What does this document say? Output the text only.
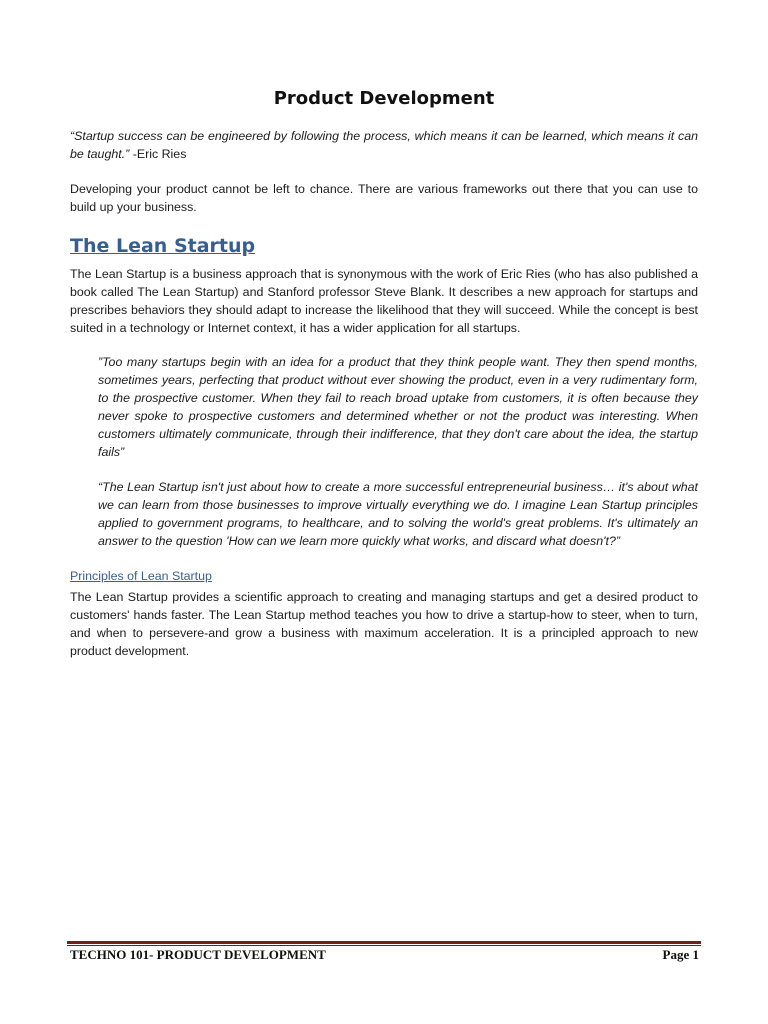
Product Development

“Startup success can be engineered by following the process, which means it can be learned, which means it can be taught.” -Eric Ries

Developing your product cannot be left to chance. There are various frameworks out there that you can use to build up your business.

The Lean Startup

The Lean Startup is a business approach that is synonymous with the work of Eric Ries (who has also published a book called The Lean Startup) and Stanford professor Steve Blank. It describes a new approach for startups and prescribes behaviors they should adapt to increase the likelihood that they will succeed. While the concept is best suited in a technology or Internet context, it has a wider application for all startups.

”Too many startups begin with an idea for a product that they think people want. They then spend months, sometimes years, perfecting that product without ever showing the product, even in a very rudimentary form, to the prospective customer. When they fail to reach broad uptake from customers, it is often because they never spoke to prospective customers and determined whether or not the product was interesting. When customers ultimately communicate, through their indifference, that they don't care about the idea, the startup fails”

“The Lean Startup isn't just about how to create a more successful entrepreneurial business… it's about what we can learn from those businesses to improve virtually everything we do. I imagine Lean Startup principles applied to government programs, to healthcare, and to solving the world's great problems. It's ultimately an answer to the question 'How can we learn more quickly what works, and discard what doesn't?”

Principles of Lean Startup

The Lean Startup provides a scientific approach to creating and managing startups and get a desired product to customers' hands faster. The Lean Startup method teaches you how to drive a startup-how to steer, when to turn, and when to persevere-and grow a business with maximum acceleration. It is a principled approach to new product development.

TECHNO 101- PRODUCT DEVELOPMENT	Page 1
